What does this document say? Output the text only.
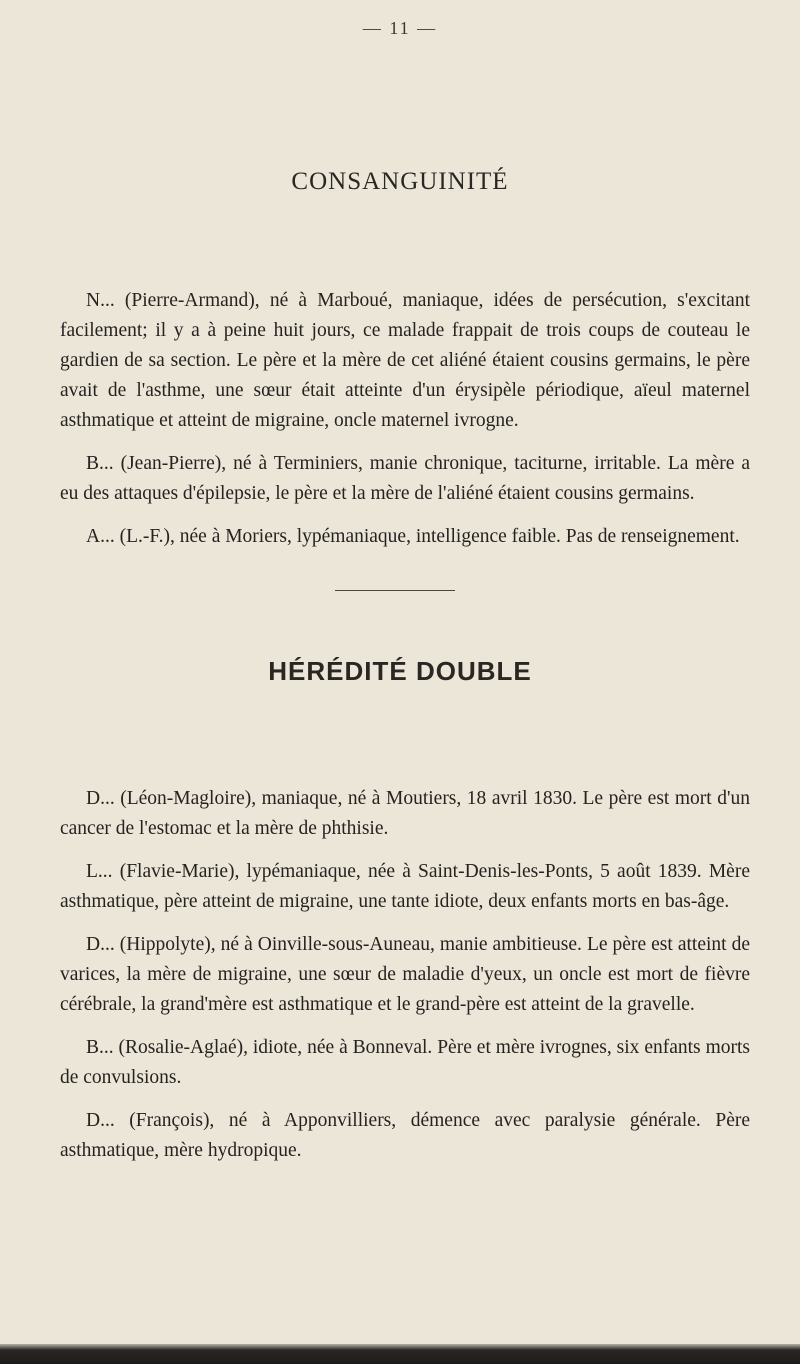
— 11 —
CONSANGUINITÉ

N... (Pierre-Armand), né à Marboué, maniaque, idées de persécution, s'excitant facilement; il y a à peine huit jours, ce malade frappait de trois coups de couteau le gardien de sa section. Le père et la mère de cet aliéné étaient cousins germains, le père avait de l'asthme, une sœur était atteinte d'un érysipèle périodique, aïeul maternel asthmatique et atteint de migraine, oncle maternel ivrogne.

B... (Jean-Pierre), né à Terminiers, manie chronique, taciturne, irritable. La mère a eu des attaques d'épilepsie, le père et la mère de l'aliéné étaient cousins germains.

A... (L.-F.), née à Moriers, lypémaniaque, intelligence faible. Pas de renseignement.

HÉRÉDITÉ DOUBLE

D... (Léon-Magloire), maniaque, né à Moutiers, 18 avril 1830. Le père est mort d'un cancer de l'estomac et la mère de phthisie.

L... (Flavie-Marie), lypémaniaque, née à Saint-Denis-les-Ponts, 5 août 1839. Mère asthmatique, père atteint de migraine, une tante idiote, deux enfants morts en bas-âge.

D... (Hippolyte), né à Oinville-sous-Auneau, manie ambitieuse. Le père est atteint de varices, la mère de migraine, une sœur de maladie d'yeux, un oncle est mort de fièvre cérébrale, la grand'mère est asthmatique et le grand-père est atteint de la gravelle.

B... (Rosalie-Aglaé), idiote, née à Bonneval. Père et mère ivrognes, six enfants morts de convulsions.

D... (François), né à Apponvilliers, démence avec paralysie générale. Père asthmatique, mère hydropique.
